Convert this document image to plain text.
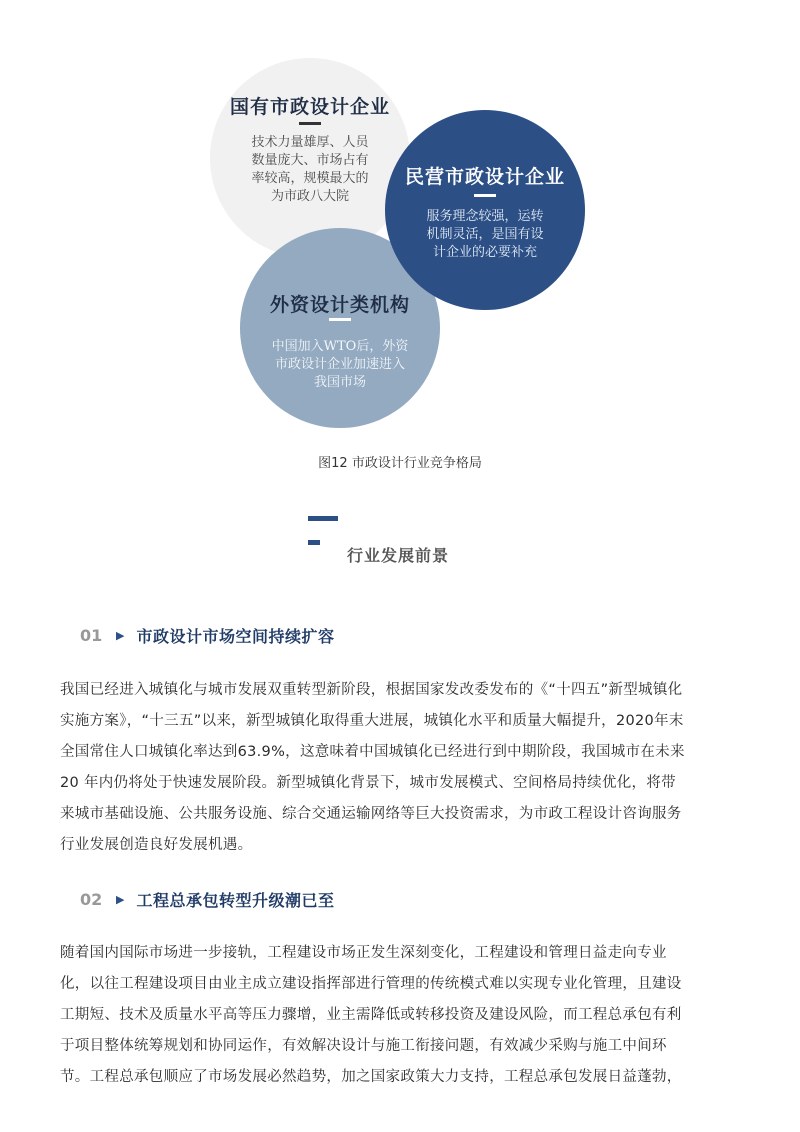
国有市政设计企业
技术力量雄厚、人员
数量庞大、市场占有
率较高，规模最大的
为市政八大院
外资设计类机构
中国加入WTO后，外资
市政设计企业加速进入
我国市场
民营市政设计企业
服务理念较强，运转
机制灵活，是国有设
计企业的必要补充
图12 市政设计行业竞争格局
行业发展前景
01	▶ 市政设计市场空间持续扩容
我国已经进入城镇化与城市发展双重转型新阶段，根据国家发改委发布的《“十四五”新型城镇化
实施方案》，“十三五”以来，新型城镇化取得重大进展，城镇化水平和质量大幅提升，2020年末
全国常住人口城镇化率达到63.9%，这意味着中国城镇化已经进行到中期阶段，我国城市在未来
20 年内仍将处于快速发展阶段。新型城镇化背景下，城市发展模式、空间格局持续优化，将带
来城市基础设施、公共服务设施、综合交通运输网络等巨大投资需求，为市政工程设计咨询服务
行业发展创造良好发展机遇。
02	▶ 工程总承包转型升级潮已至
随着国内国际市场进一步接轨，工程建设市场正发生深刻变化，工程建设和管理日益走向专业
化，以往工程建设项目由业主成立建设指挥部进行管理的传统模式难以实现专业化管理，且建设
工期短、技术及质量水平高等压力骤增，业主需降低或转移投资及建设风险，而工程总承包有利
于项目整体统筹规划和协同运作，有效解决设计与施工衔接问题，有效减少采购与施工中间环
节。工程总承包顺应了市场发展必然趋势，加之国家政策大力支持，工程总承包发展日益蓬勃，
